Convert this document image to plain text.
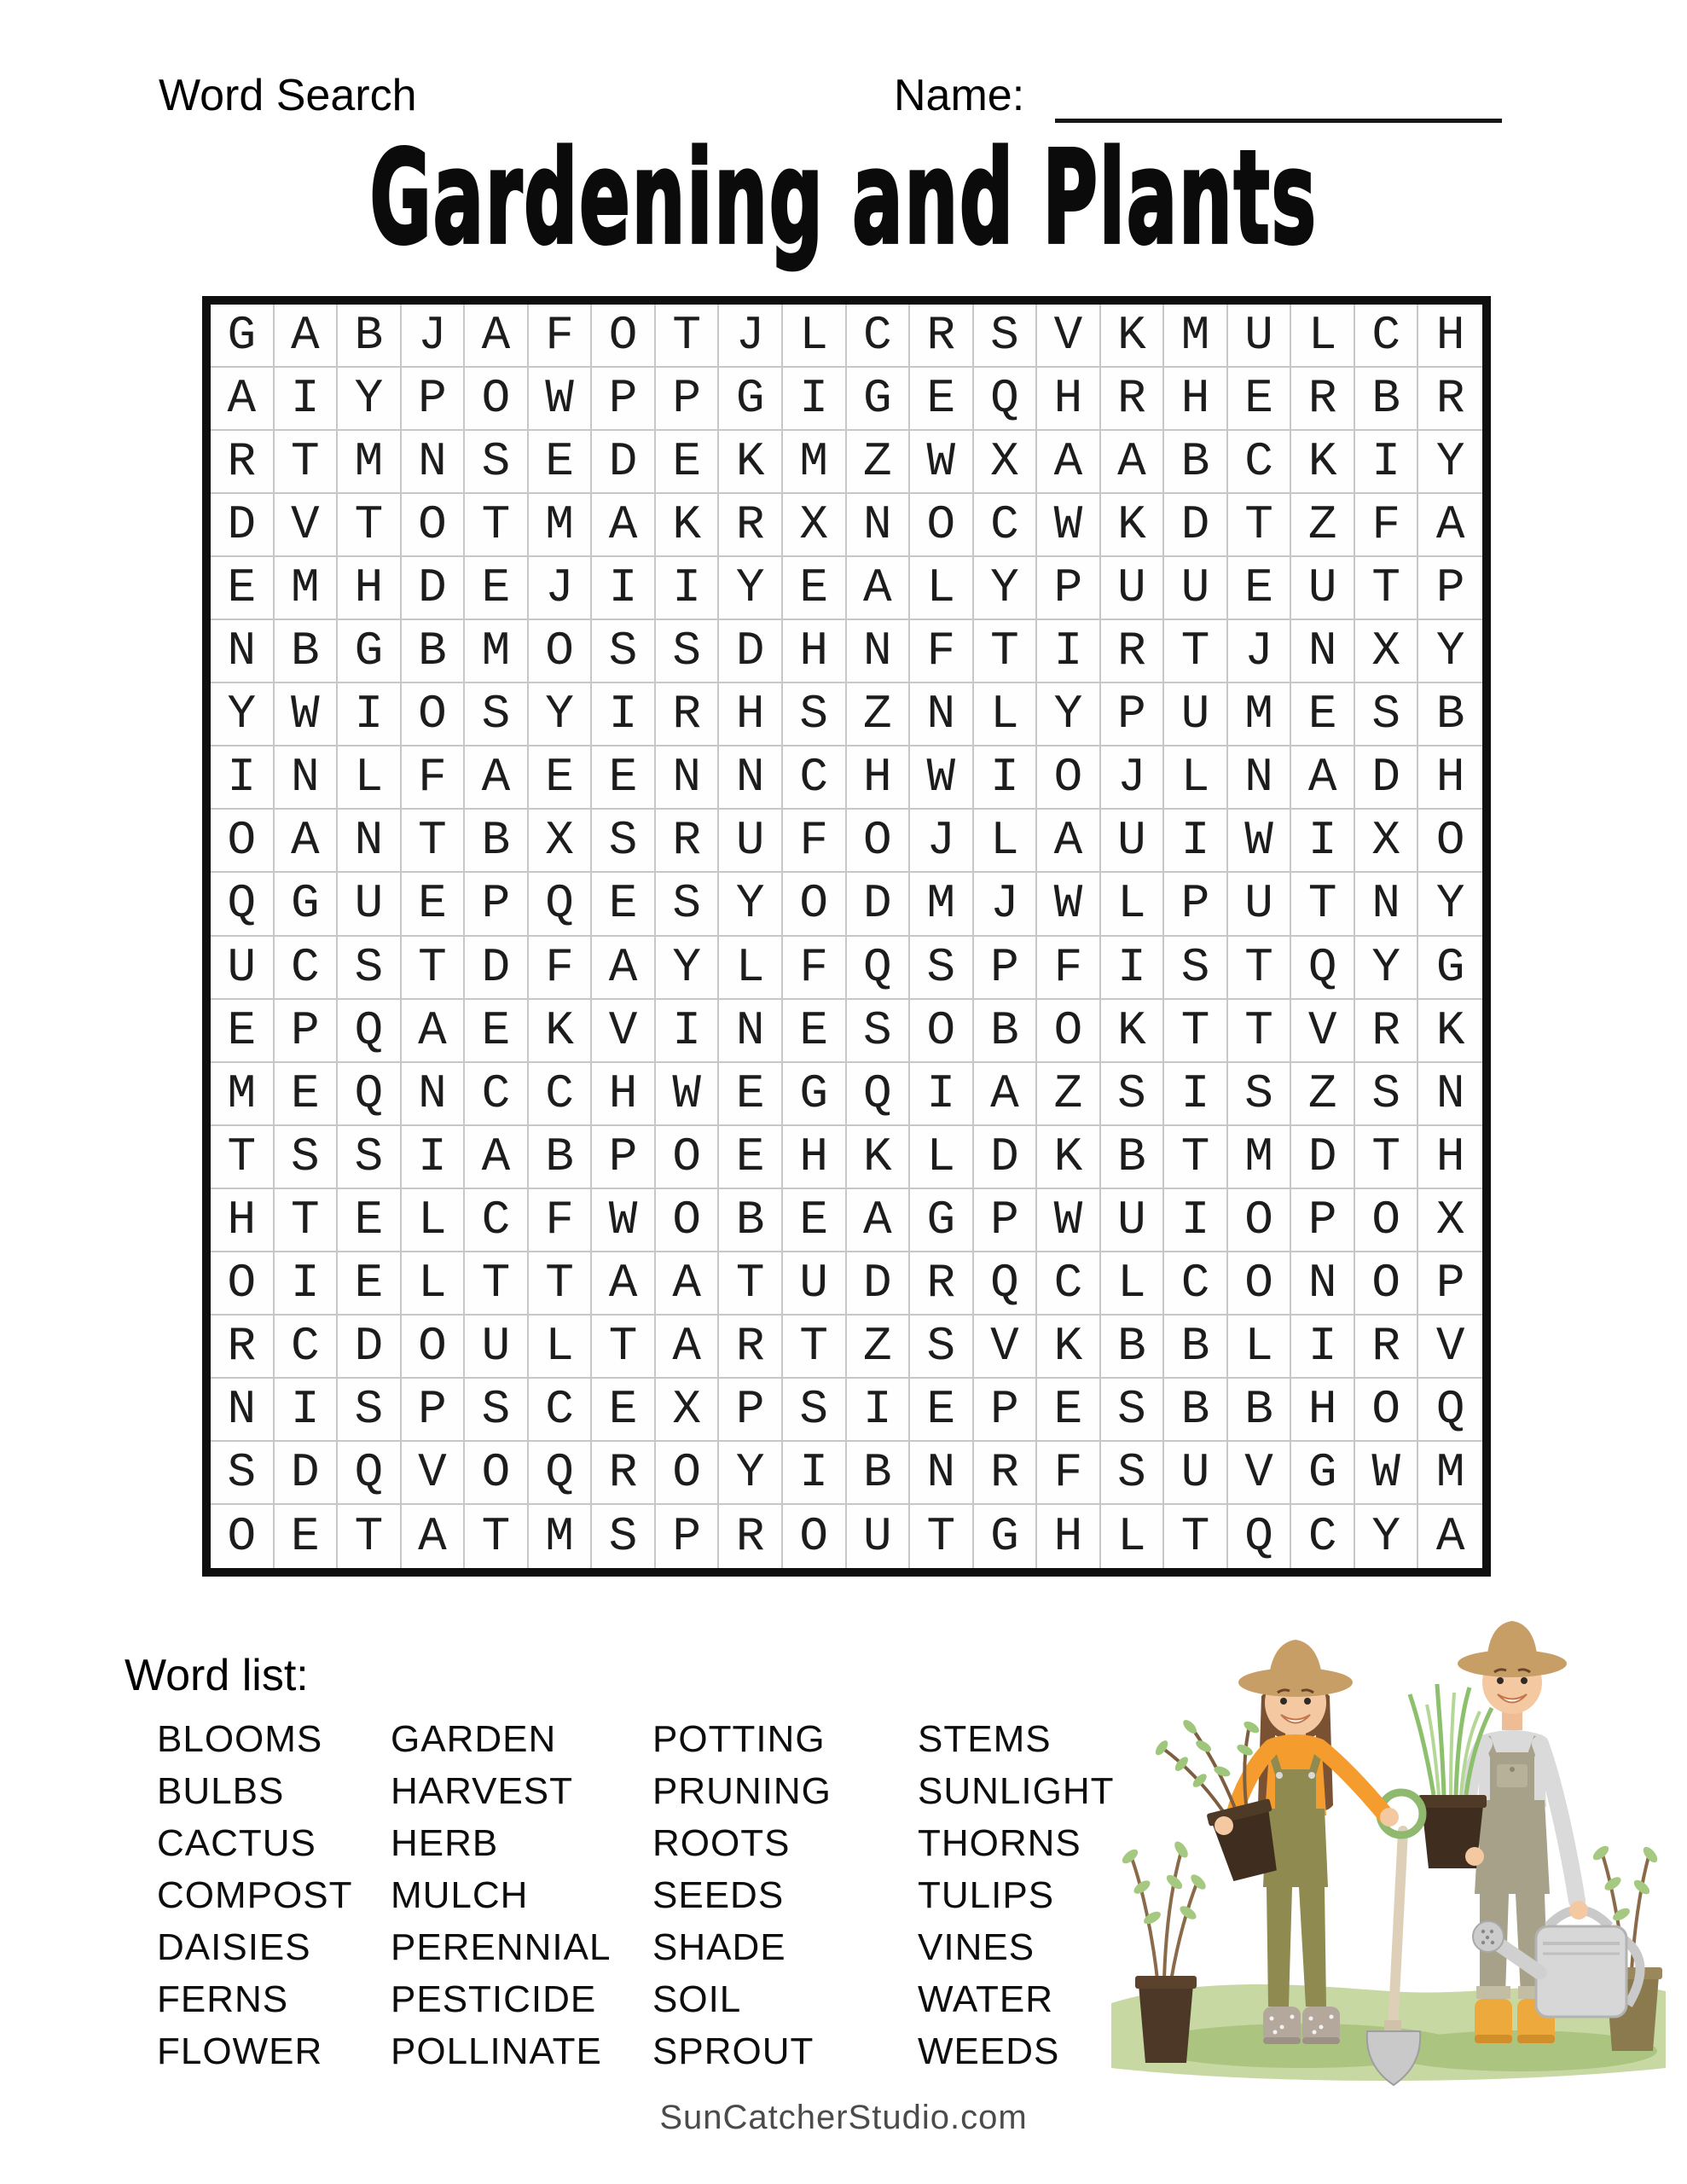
Word Search	Name:
Gardening and Plants
G A B J A F O T J L C R S V K M U L C H
A I Y P O W P P G I G E Q H R H E R B R
R T M N S E D E K M Z W X A A B C K I Y
D V T O T M A K R X N O C W K D T Z F A
E M H D E J I I Y E A L Y P U U E U T P
N B G B M O S S D H N F T I R T J N X Y
Y W I O S Y I R H S Z N L Y P U M E S B
I N L F A E E N N C H W I O J L N A D H
O A N T B X S R U F O J L A U I W I X O
Q G U E P Q E S Y O D M J W L P U T N Y
U C S T D F A Y L F Q S P F I S T Q Y G
E P Q A E K V I N E S O B O K T T V R K
M E Q N C C H W E G Q I A Z S I S Z S N
T S S I A B P O E H K L D K B T M D T H
H T E L C F W O B E A G P W U I O P O X
O I E L T T A A T U D R Q C L C O N O P
R C D O U L T A R T Z S V K B B L I R V
N I S P S C E X P S I E P E S B B H O Q
S D Q V O Q R O Y I B N R F S U V G W M
O E T A T M S P R O U T G H L T Q C Y A
Word list:
BLOOMS
BULBS
CACTUS
COMPOST
DAISIES
FERNS
FLOWER
GARDEN
HARVEST
HERB
MULCH
PERENNIAL
PESTICIDE
POLLINATE
POTTING
PRUNING
ROOTS
SEEDS
SHADE
SOIL
SPROUT
STEMS
SUNLIGHT
THORNS
TULIPS
VINES
WATER
WEEDS
SunCatcherStudio.com
